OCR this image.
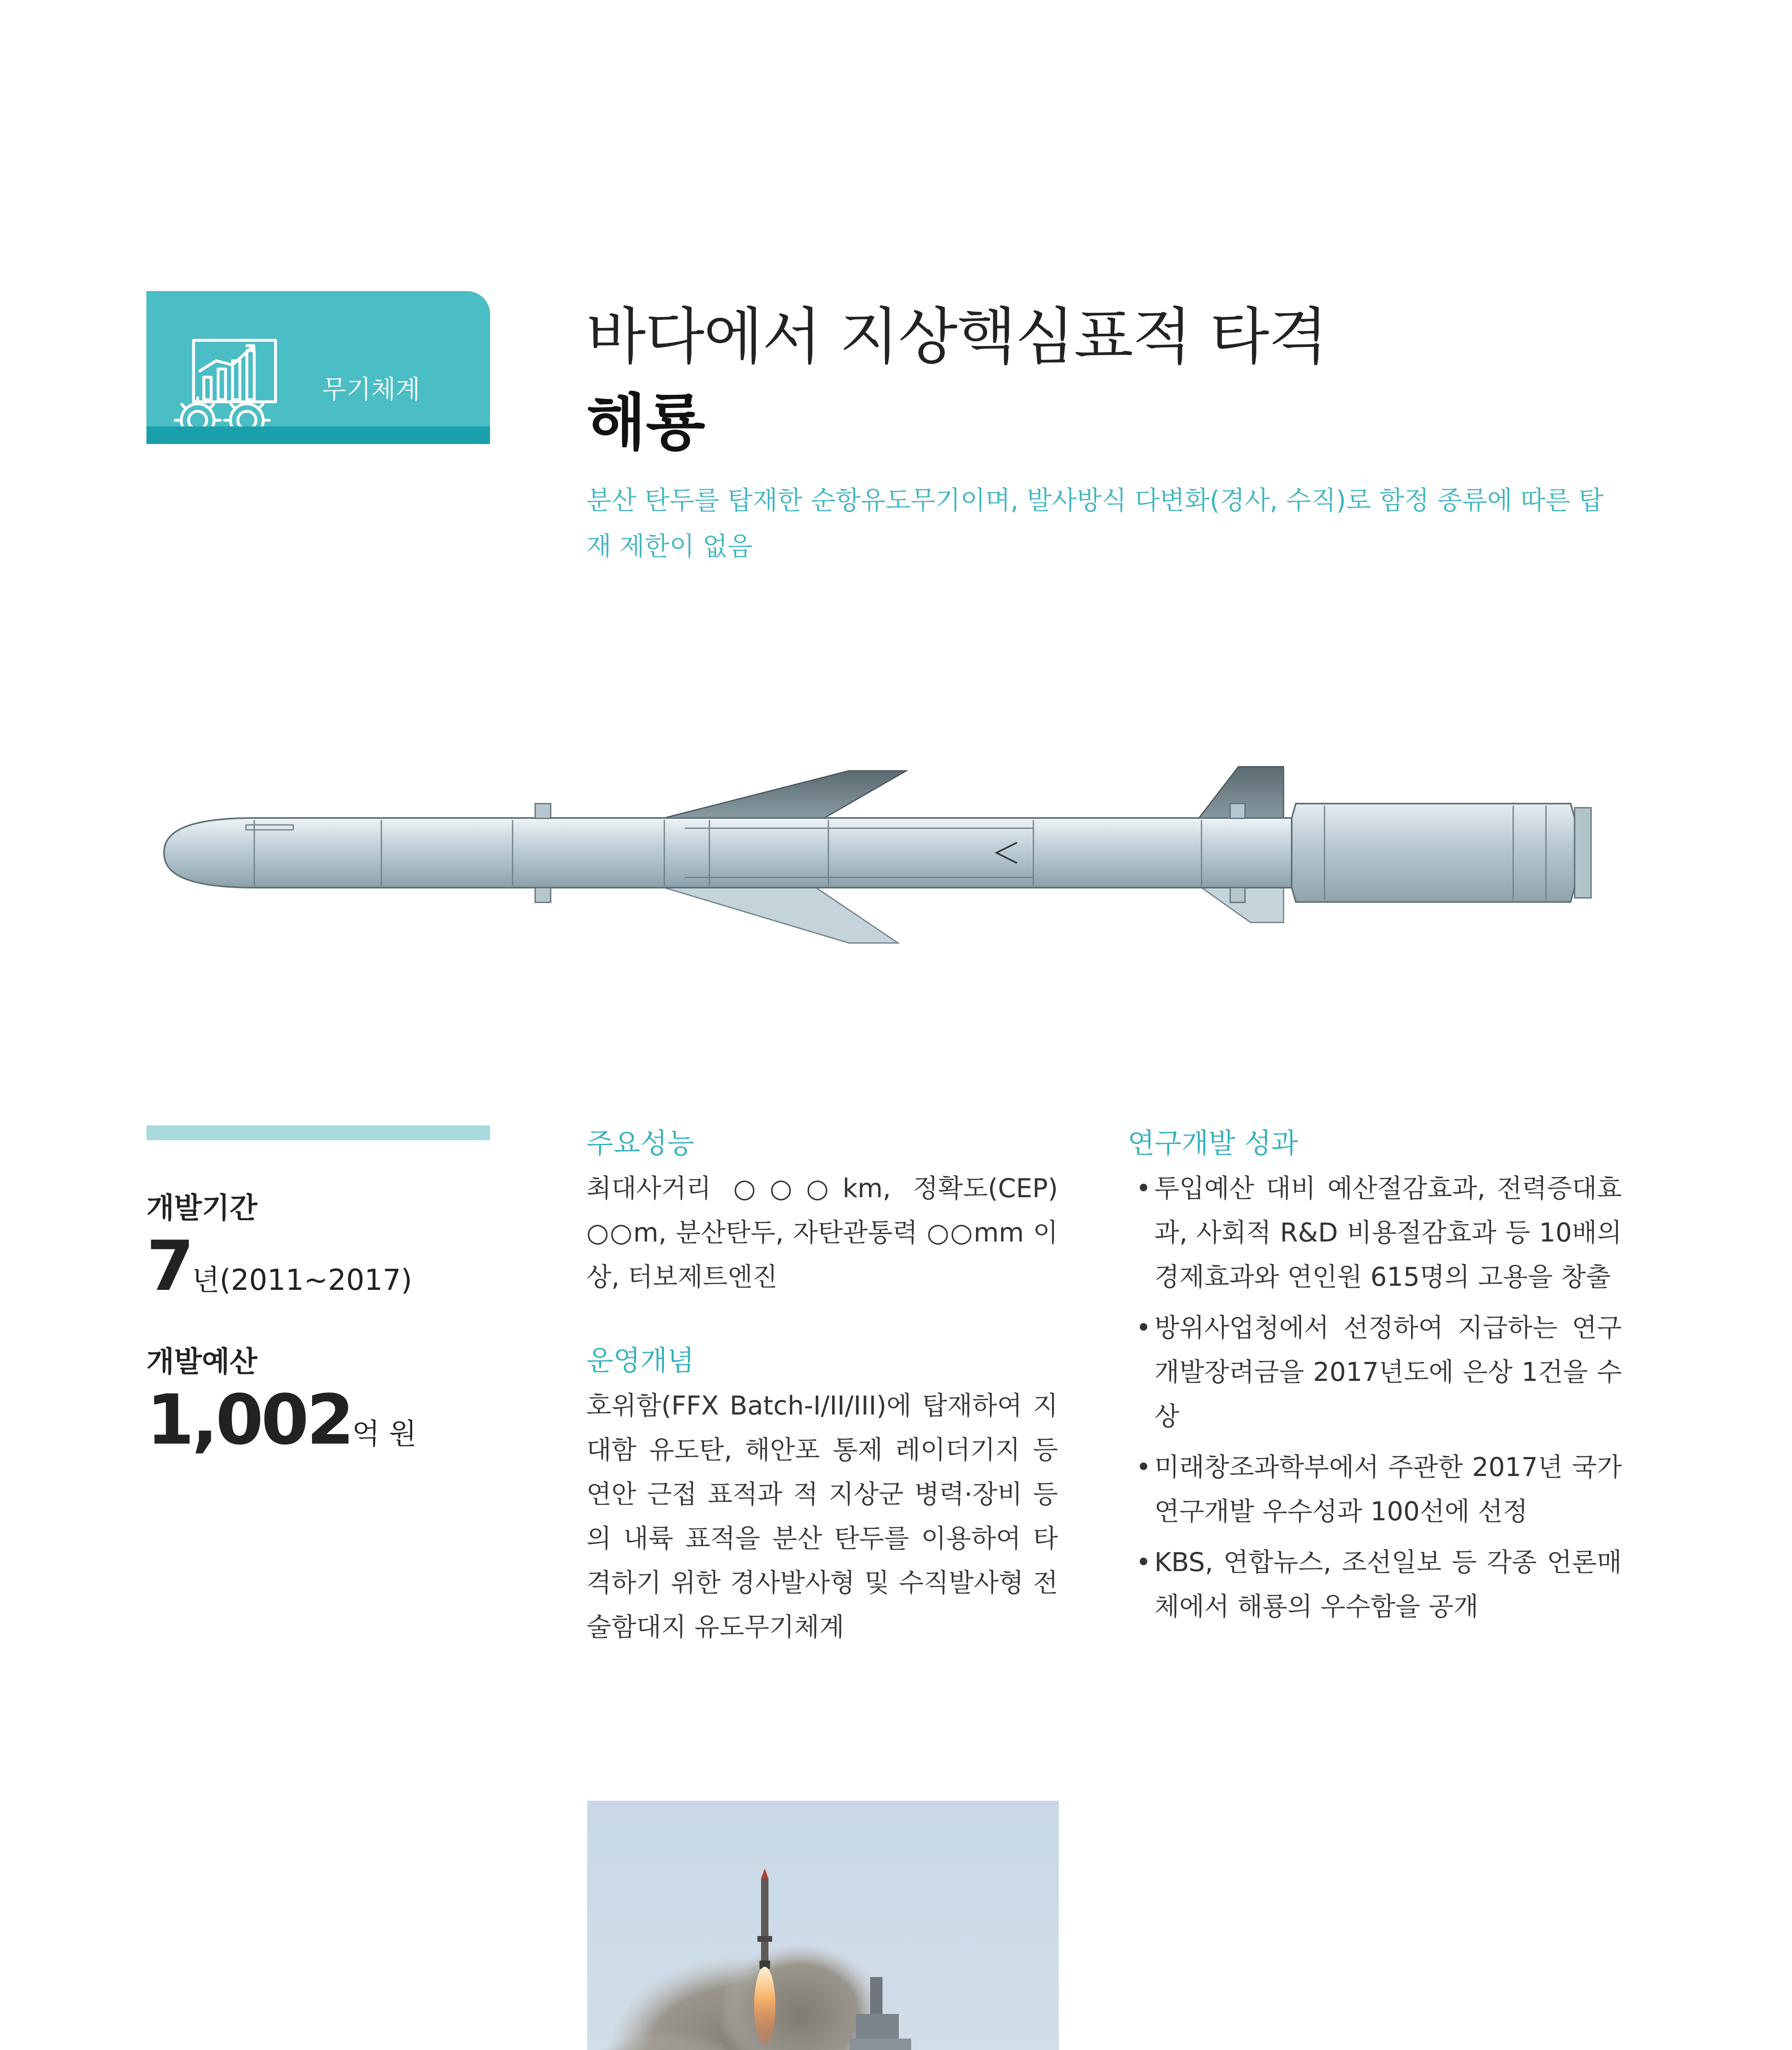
무기체계
바다에서 지상핵심표적 타격
해룡
분산 탄두를 탑재한 순항유도무기이며, 발사방식 다변화(경사, 수직)로 함정 종류에 따른 탑재 제한이 없음
개발기간
7년(2011~2017)
개발예산
1,002억 원
주요성능
최대사거리 ○○○km, 정확도(CEP) ○○m, 분산탄두, 자탄관통력 ○○mm 이상, 터보제트엔진
운영개념
호위함(FFX Batch-I/II/III)에 탑재하여 지대함 유도탄, 해안포 통제 레이더기지 등 연안 근접 표적과 적 지상군 병력·장비 등의 내륙 표적을 분산 탄두를 이용하여 타격하기 위한 경사발사형 및 수직발사형 전술함대지 유도무기체계
연구개발 성과
• 투입예산 대비 예산절감효과, 전력증대효과, 사회적 R&D 비용절감효과 등 10배의 경제효과와 연인원 615명의 고용을 창출
• 방위사업청에서 선정하여 지급하는 연구개발장려금을 2017년도에 은상 1건을 수상
• 미래창조과학부에서 주관한 2017년 국가연구개발 우수성과 100선에 선정
• KBS, 연합뉴스, 조선일보 등 각종 언론매체에서 해룡의 우수함을 공개
